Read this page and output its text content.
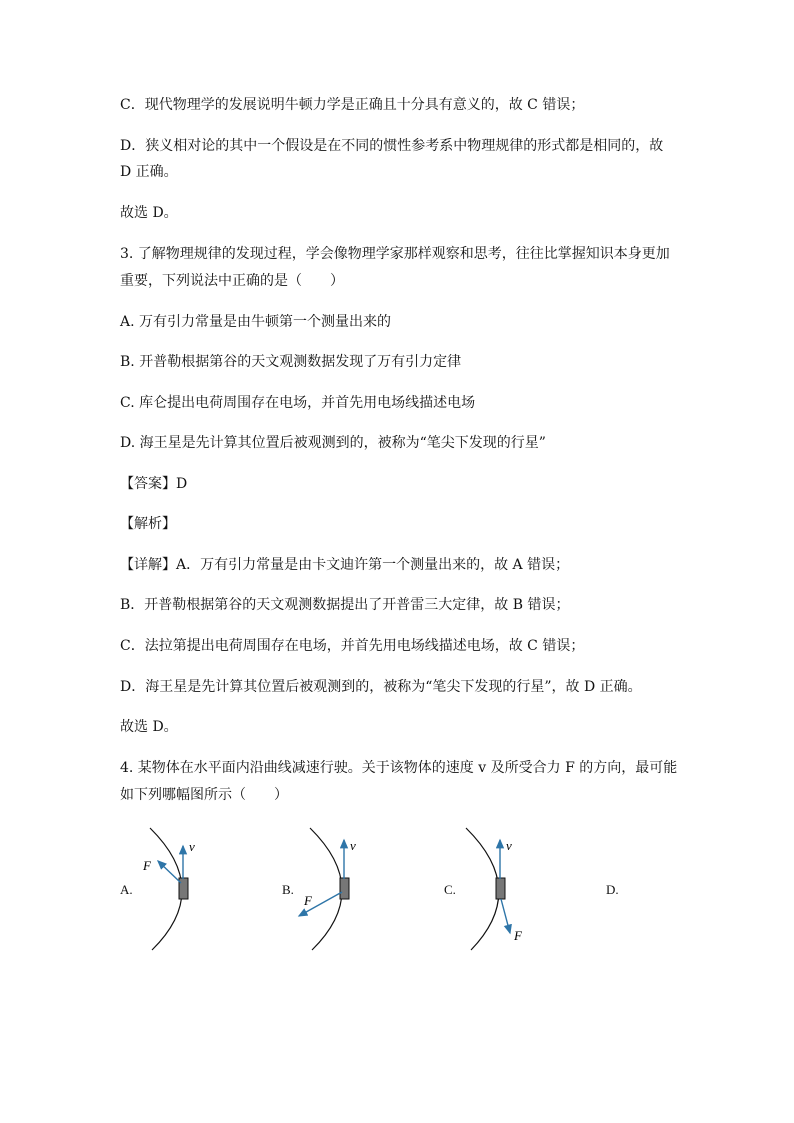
C．现代物理学的发展说明牛顿力学是正确且十分具有意义的，故 C 错误；
D．狭义相对论的其中一个假设是在不同的惯性参考系中物理规律的形式都是相同的，故
D 正确。
故选 D。
3. 了解物理规律的发现过程，学会像物理学家那样观察和思考，往往比掌握知识本身更加
重要，下列说法中正确的是（　　）
A. 万有引力常量是由牛顿第一个测量出来的
B. 开普勒根据第谷的天文观测数据发现了万有引力定律
C. 库仑提出电荷周围存在电场，并首先用电场线描述电场
D. 海王星是先计算其位置后被观测到的，被称为“笔尖下发现的行星”
【答案】D
【解析】
【详解】A．万有引力常量是由卡文迪许第一个测量出来的，故 A 错误；
B．开普勒根据第谷的天文观测数据提出了开普雷三大定律，故 B 错误；
C．法拉第提出电荷周围存在电场，并首先用电场线描述电场，故 C 错误；
D．海王星是先计算其位置后被观测到的，被称为“笔尖下发现的行星”，故 D 正确。
故选 D。
4. 某物体在水平面内沿曲线减速行驶。关于该物体的速度 v 及所受合力 F 的方向，最可能
如下列哪幅图所示（　　）
A.	B.	C.	D.
v
F
v
F
v
F
